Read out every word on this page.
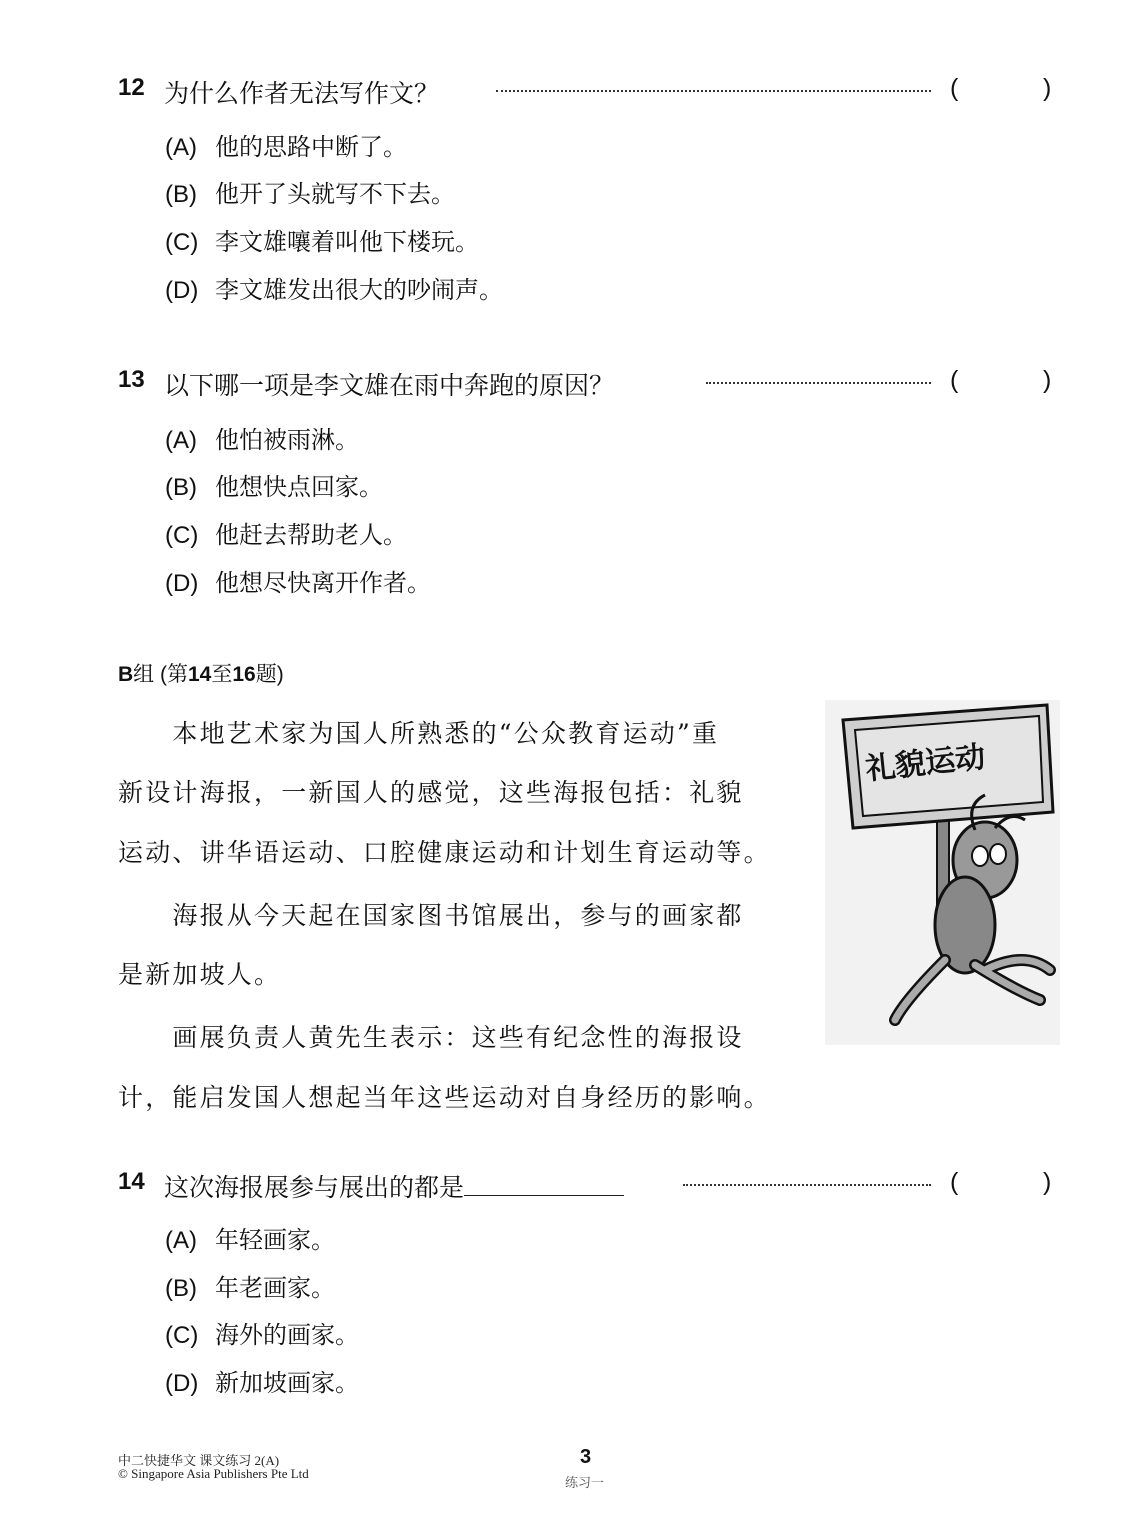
12 为什么作者无法写作文？	(	)
(A) 他的思路中断了。
(B) 他开了头就写不下去。
(C) 李文雄嚷着叫他下楼玩。
(D) 李文雄发出很大的吵闹声。
13 以下哪一项是李文雄在雨中奔跑的原因？	(	)
(A) 他怕被雨淋。
(B) 他想快点回家。
(C) 他赶去帮助老人。
(D) 他想尽快离开作者。
B组 (第14至16题)
　　本地艺术家为国人所熟悉的“公众教育运动”重
新设计海报，一新国人的感觉，这些海报包括：礼貌
运动、讲华语运动、口腔健康运动和计划生育运动等。
　　海报从今天起在国家图书馆展出，参与的画家都
是新加坡人。
　　画展负责人黄先生表示：这些有纪念性的海报设
计，能启发国人想起当年这些运动对自身经历的影响。
礼貌运动
14 这次海报展参与展出的都是	(	)
(A) 年轻画家。
(B) 年老画家。
(C) 海外的画家。
(D) 新加坡画家。
中二快捷华文 课文练习 2(A)
© Singapore Asia Publishers Pte Ltd
3
练习一
